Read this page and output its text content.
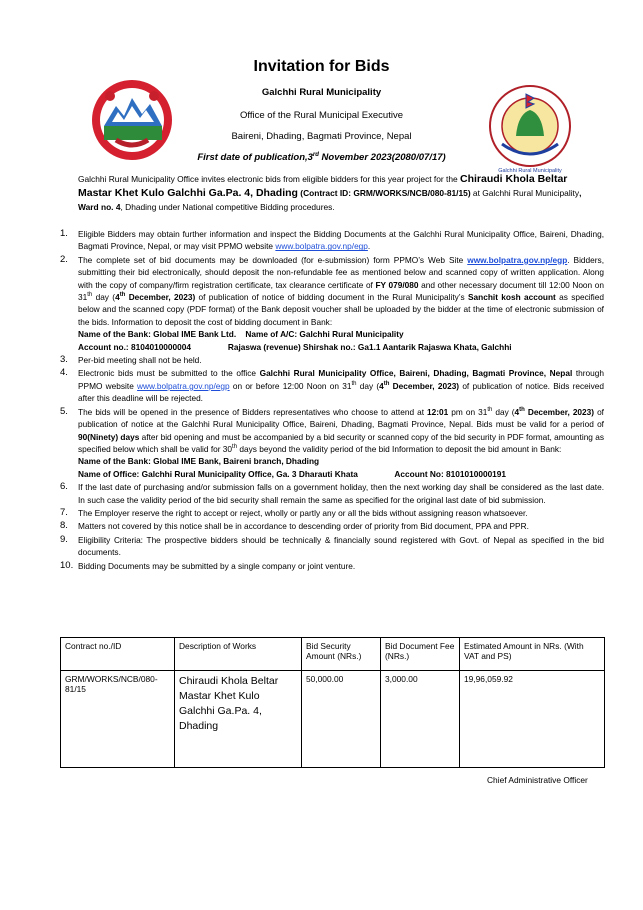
Invitation for Bids
Galchhi Rural Municipality
Galchhi Rural Municipality
Office of the Rural Municipal Executive
Baireni, Dhading, Bagmati Province, Nepal
First date of publication,3rd November 2023(2080/07/17)
Galchhi Rural Municipality Office invites electronic bids from eligible bidders for this year project for the Chiraudi Khola Beltar Mastar Khet Kulo Galchhi Ga.Pa. 4, Dhading (Contract ID: GRM/WORKS/NCB/080-81/15) at Galchhi Rural Municipality, Ward no. 4, Dhading under National competitive Bidding procedures.
1. Eligible Bidders may obtain further information and inspect the Bidding Documents at the Galchhi Rural Municipality Office, Baireni, Dhading, Bagmati Province, Nepal, or may visit PPMO website www.bolpatra.gov.np/egp.
2. The complete set of bid documents may be downloaded (for e-submission) form PPMO’s Web Site www.bolpatra.gov.np/egp. Bidders, submitting their bid electronically, should deposit the non-refundable fee as mentioned below and scanned copy of written application. Along with the copy of company/firm registration certificate, tax clearance certificate of FY 079/080 and other necessary document till 12:00 Noon on 31th day (4th December, 2023) of publication of notice of bidding document in the Rural Municipality’s Sanchit kosh account as specified below and the scanned copy (PDF format) of the Bank deposit voucher shall be uploaded by the bidder at the time of electronic submission of the bids. Information to deposit the cost of bidding document in Bank:
Name of the Bank: Global IME Bank Ltd.    Name of A/C: Galchhi Rural Municipality
Account no.: 8104010000004                Rajaswa (revenue) Shirshak no.: Ga1.1 Aantarik Rajaswa Khata, Galchhi
3. Per-bid meeting shall not be held.
4. Electronic bids must be submitted to the office Galchhi Rural Municipality Office, Baireni, Dhading, Bagmati Province, Nepal through PPMO website www.bolpatra.gov.np/egp on or before 12:00 Noon on 31th day (4th December, 2023) of publication of notice. Bids received after this deadline will be rejected.
5. The bids will be opened in the presence of Bidders representatives who choose to attend at 12:01 pm on 31th day (4th December, 2023) of publication of notice at the Galchhi Rural Municipality Office, Baireni, Dhading, Bagmati Province, Nepal. Bids must be valid for a period of 90(Ninety) days after bid opening and must be accompanied by a bid security or scanned copy of the bid security in PDF format, amounting as specified below which shall be valid for 30th days beyond the validity period of the bid Information to deposit the bid amount in Bank:
Name of the Bank: Global IME Bank, Baireni branch, Dhading
Name of Office: Galchhi Rural Municipality Office, Ga. 3 Dharauti Khata                Account No: 8101010000191
6. If the last date of purchasing and/or submission falls on a government holiday, then the next working day shall be considered as the last date. In such case the validity period of the bid security shall remain the same as specified for the original last date of bid submission.
7. The Employer reserve the right to accept or reject, wholly or partly any or all the bids without assigning reason whatsoever.
8. Matters not covered by this notice shall be in accordance to descending order of priority from Bid document, PPA and PPR.
9. Eligibility Criteria: The prospective bidders should be technically & financially sound registered with Govt. of Nepal as specified in the bid documents.
10. Bidding Documents may be submitted by a single company or joint venture.
Contract no./ID	Description of Works	Bid Security Amount (NRs.)	Bid Document Fee (NRs.)	Estimated Amount in NRs. (With VAT and PS)
GRM/WORKS/NCB/080-81/15	Chiraudi Khola Beltar Mastar Khet Kulo Galchhi Ga.Pa. 4, Dhading	50,000.00	3,000.00	19,96,059.92
Chief Administrative Officer
